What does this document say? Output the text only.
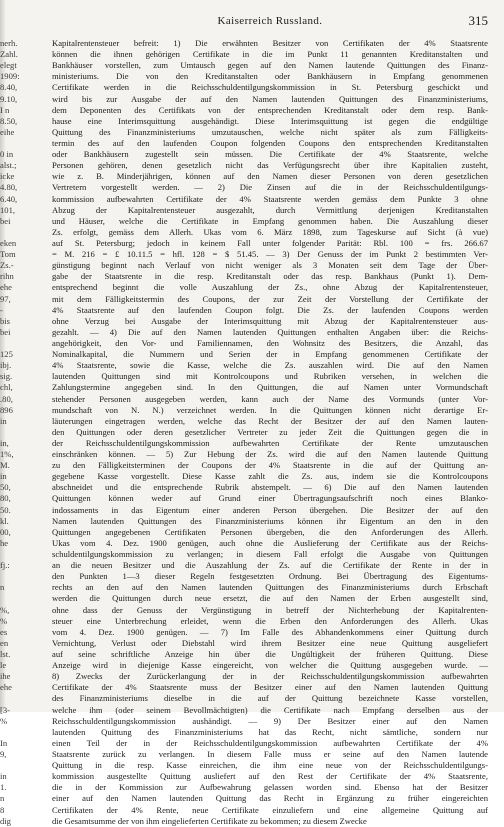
nerh.
Zahl.
elegt
1909:
8.40,
9.10,
I n
8.50,
eihe
0 in
alst.;
icke
4.80,
6.40,
101,
bei
eken
Tom
Zs.-
rihn
ehe
97,
-
bis
bei
125
ibj.
sig.
chl,
.80,
896
in
in,
1%,
M.
in
50,
80,
50.
kl.
00,
he
fj.:
n
%,
%
es
en
lst.
le
ihe
ehe
[3-
%
In
9,
in
1.
n
8
dig
Kaiserreich Russland.	315
Kapitalrentensteuer befreit: 1) Die erwähnten Besitzer von Certifikaten der 4% Staatsrente
können die ihnen gehörigen Certifikate in die im Punkt 11 genannten Kreditanstalten und
Bankhäuser vorstellen, zum Umtausch gegen auf den Namen lautende Quittungen des Finanz-
ministeriums. Die von den Kreditanstalten oder Bankhäusern in Empfang genommenen
Certifikate werden in die Reichsschuldentilgungskommission in St. Petersburg geschickt und
wird bis zur Ausgabe der auf den Namen lautenden Quittungen des Finanzministeriums,
dem Deponenten des Certifikats von der entsprechenden Kreditanstalt oder dem resp. Bank-
hause eine Interimsquittung ausgehändigt. Diese Interimsquittung ist gegen die endgültige
Quittung des Finanzministeriums umzutauschen, welche nicht später als zum Fälligkeits-
termin des auf den laufenden Coupon folgenden Coupons den entsprechenden Kreditanstalten
oder Bankhäusern zugestellt sein müssen. Die Certifikate der 4% Staatsrente, welche
Personen gehören, denen gesetzlich nicht das Verfügungsrecht über ihre Kapitalien zusteht,
wie z. B. Minderjährigen, können auf den Namen dieser Personen von deren gesetzlichen
Vertretern vorgestellt werden. — 2) Die Zinsen auf die in der Reichsschuldentilgungs-
kommission aufbewahrten Certifikate der 4% Staatsrente werden gemäss dem Punkte 3 ohne
Abzug der Kapitalrentensteuer ausgezahlt, durch Vermittlung derjenigen Kreditanstalten
und Häuser, welche die Certifikate in Empfang genommen haben. Die Auszahlung dieser
Zs. erfolgt, gemäss dem Allerh. Ukas vom 6. März 1898, zum Tageskurse auf Sicht (à vue)
auf St. Petersburg; jedoch in keinem Fall unter folgender Parität: Rbl. 100 = frs. 266.67
= M. 216 = £ 10.11.5 = hfl. 128 = $ 51.45. — 3) Der Genuss der im Punkt 2 bestimmten Ver-
günstigung beginnt nach Verlauf von nicht weniger als 3 Monaten seit dem Tage der Über-
gabe der Staatsrente in die resp. Kreditanstalt oder das resp. Bankhaus (Punkt 1). Dem-
entsprechend beginnt die volle Auszahlung der Zs., ohne Abzug der Kapitalrentensteuer,
mit dem Fälligkeitstermin des Coupons, der zur Zeit der Vorstellung der Certifikate der
4% Staatsrente auf den laufenden Coupon folgt. Die Zs. der laufenden Coupons werden
ohne Verzug bei Ausgabe der Interimsquittung mit Abzug der Kapitalrentensteuer aus-
gezahlt. — 4) Die auf den Namen lautenden Quittungen enthalten Angaben über: die Reichs-
angehörigkeit, den Vor- und Familiennamen, den Wohnsitz des Besitzers, die Anzahl, das
Nominalkapital, die Nummern und Serien der in Empfang genommenen Certifikate der
4% Staatsrente, sowie die Kasse, welche die Zs. auszahlen wird. Die auf den Namen
lautenden Quittungen sind mit Kontrolcoupons und Rubriken versehen, in welchen die
Zahlungstermine angegeben sind. In den Quittungen, die auf Namen unter Vormundschaft
stehender Personen ausgegeben werden, kann auch der Name des Vormunds (unter Vor-
mundschaft von N. N.) verzeichnet werden. In die Quittungen können nicht derartige Er-
läuterungen eingetragen werden, welche das Recht der Besitzer der auf den Namen lauten-
den Quittungen oder deren gesetzlicher Vertreter zu jeder Zeit die Quittungen gegen die in
der Reichsschuldentilgungskommission aufbewahrten Certifikate der Rente umzutauschen
einschränken können. — 5) Zur Hebung der Zs. wird die auf den Namen lautende Quittung
zu den Fälligkeitsterminen der Coupons der 4% Staatsrente in die auf der Quittung an-
gegebene Kasse vorgestellt. Diese Kasse zahlt die Zs. aus, indem sie die Kontrolcoupons
abschneidet und die entsprechende Rubrik abstempelt. — 6) Die auf den Namen lautenden
Quittungen können weder auf Grund einer Übertragungsaufschrift noch eines Blanko-
indossaments in das Eigentum einer anderen Person übergehen. Die Besitzer der auf den
Namen lautenden Quittungen des Finanzministeriums können ihr Eigentum an den in den
Quittungen angegebenen Certifikaten Personen übergeben, die den Anforderungen des Allerh.
Ukas vom 4. Dez. 1900 genügen, auch ohne die Auslieferung der Certifikate aus der Reichs-
schuldentilgungskommission zu verlangen; in diesem Fall erfolgt die Ausgabe von Quittungen
an die neuen Besitzer und die Auszahlung der Zs. auf die Certifikate der Rente in der in
den Punkten 1—3 dieser Regeln festgesetzten Ordnung. Bei Übertragung des Eigentums-
rechts an den auf den Namen lautenden Quittungen des Finanzministeriums durch Erbschaft
werden die Quittungen durch neue ersetzt, die auf den Namen der Erben ausgestellt sind,
ohne dass der Genuss der Vergünstigung in betreff der Nichterhebung der Kapitalrenten-
steuer eine Unterbrechung erleidet, wenn die Erben den Anforderungen des Allerh. Ukas
vom 4. Dez. 1900 genügen. — 7) Im Falle des Abhandenkommens einer Quittung durch
Vernichtung, Verlust oder Diebstahl wird ihrem Besitzer eine neue Quittung ausgeliefert
auf seine schriftliche Anzeige hin über die Ungültigkeit der früheren Quittung. Diese
Anzeige wird in diejenige Kasse eingereicht, von welcher die Quittung ausgegeben wurde. —
8) Zwecks der Zurückerlangung der in der Reichsschuldentilgungskommission aufbewahrten
Certifikate der 4% Staatsrente muss der Besitzer einer auf den Namen lautenden Quittung
des Finanzministeriums dieselbe in die auf der Quittung bezeichnete Kasse vorstellen,
welche ihm (oder seinem Bevollmächtigten) die Certifikate nach Empfang derselben aus der
Reichsschuldentilgungskommission aushändigt. — 9) Der Besitzer einer auf den Namen
lautenden Quittung des Finanzministeriums hat das Recht, nicht sämtliche, sondern nur
einen Teil der in der Reichsschuldentilgungskommission aufbewahrten Certifikate der 4%
Staatsrente zurück zu verlangen. In diesem Falle muss er seine auf den Namen lautende
Quittung in die resp. Kasse einreichen, die ihm eine neue von der Reichsschuldentilgungs-
kommission ausgestellte Quittung ausliefert auf den Rest der Certifikate der 4% Staatsrente,
die in der Kommission zur Aufbewahrung gelassen worden sind. Ebenso hat der Besitzer
einer auf den Namen lautenden Quittung das Recht in Ergänzung zu früher eingereichten
Certifikaten der 4% Rente, neue Certifikate einzuliefern und eine allgemeine Quittung auf
die Gesamtsumme der von ihm eingelieferten Certifikate zu bekommen; zu diesem Zwecke
